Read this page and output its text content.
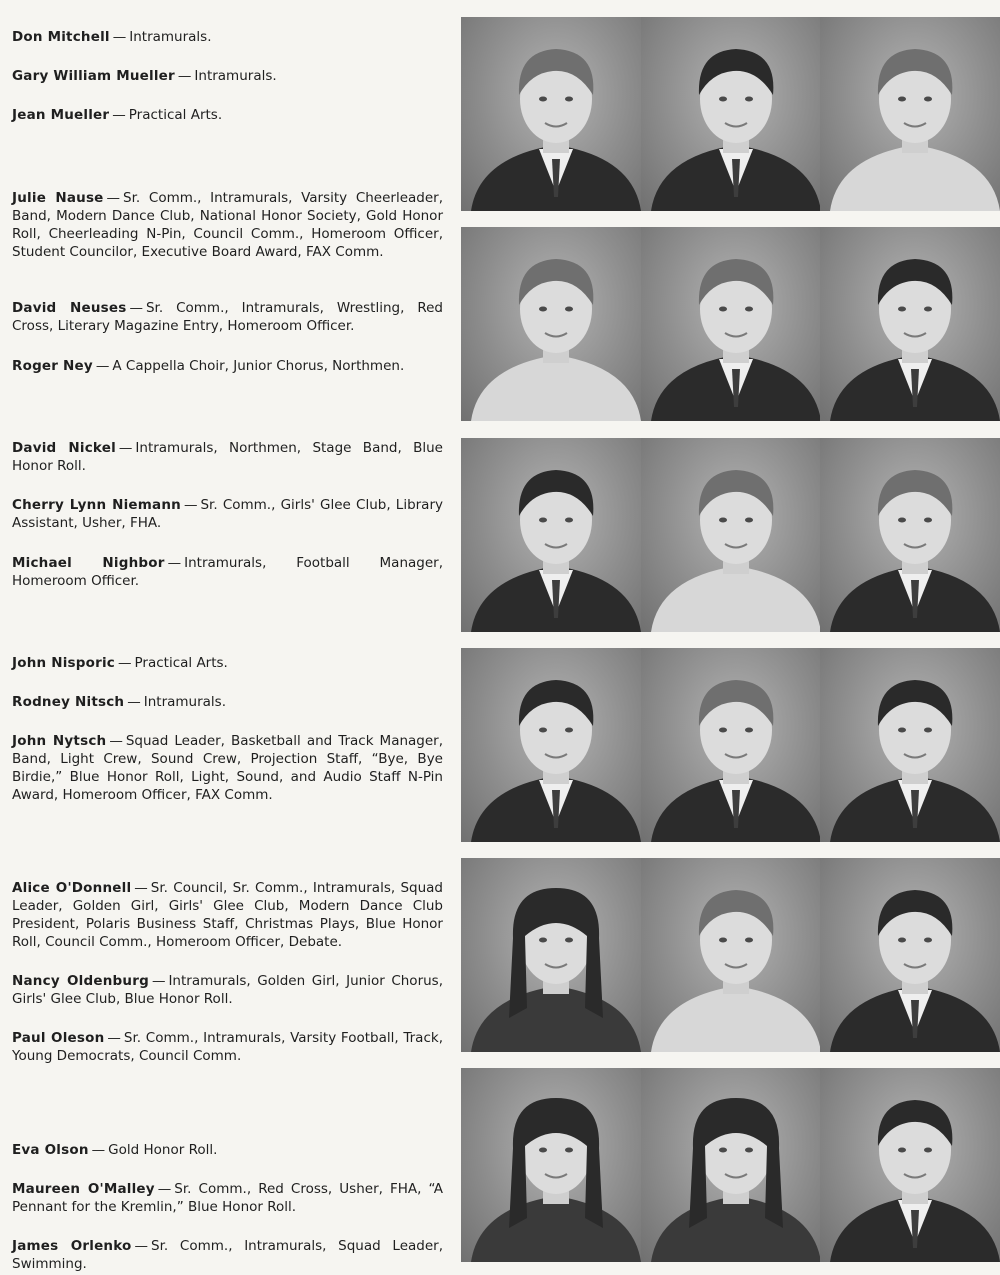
Don Mitchell — Intramurals.

Gary William Mueller — Intramurals.

Jean Mueller — Practical Arts.

Julie Nause — Sr. Comm., Intramurals, Varsity Cheerleader, Band, Modern Dance Club, National Honor Society, Gold Honor Roll, Cheerleading N-Pin, Council Comm., Homeroom Officer, Student Councilor, Executive Board Award, FAX Comm.

David Neuses — Sr. Comm., Intramurals, Wrestling, Red Cross, Literary Magazine Entry, Homeroom Officer.

Roger Ney — A Cappella Choir, Junior Chorus, Northmen.

David Nickel — Intramurals, Northmen, Stage Band, Blue Honor Roll.

Cherry Lynn Niemann — Sr. Comm., Girls' Glee Club, Library Assistant, Usher, FHA.

Michael Nighbor — Intramurals, Football Manager, Homeroom Officer.

John Nisporic — Practical Arts.

Rodney Nitsch — Intramurals.

John Nytsch — Squad Leader, Basketball and Track Manager, Band, Light Crew, Sound Crew, Projection Staff, “Bye, Bye Birdie,” Blue Honor Roll, Light, Sound, and Audio Staff N-Pin Award, Homeroom Officer, FAX Comm.

Alice O'Donnell — Sr. Council, Sr. Comm., Intramurals, Squad Leader, Golden Girl, Girls' Glee Club, Modern Dance Club President, Polaris Business Staff, Christmas Plays, Blue Honor Roll, Council Comm., Homeroom Officer, Debate.

Nancy Oldenburg — Intramurals, Golden Girl, Junior Chorus, Girls' Glee Club, Blue Honor Roll.

Paul Oleson — Sr. Comm., Intramurals, Varsity Football, Track, Young Democrats, Council Comm.

Eva Olson — Gold Honor Roll.

Maureen O'Malley — Sr. Comm., Red Cross, Usher, FHA, “A Pennant for the Kremlin,” Blue Honor Roll.

James Orlenko — Sr. Comm., Intramurals, Squad Leader, Swimming.
